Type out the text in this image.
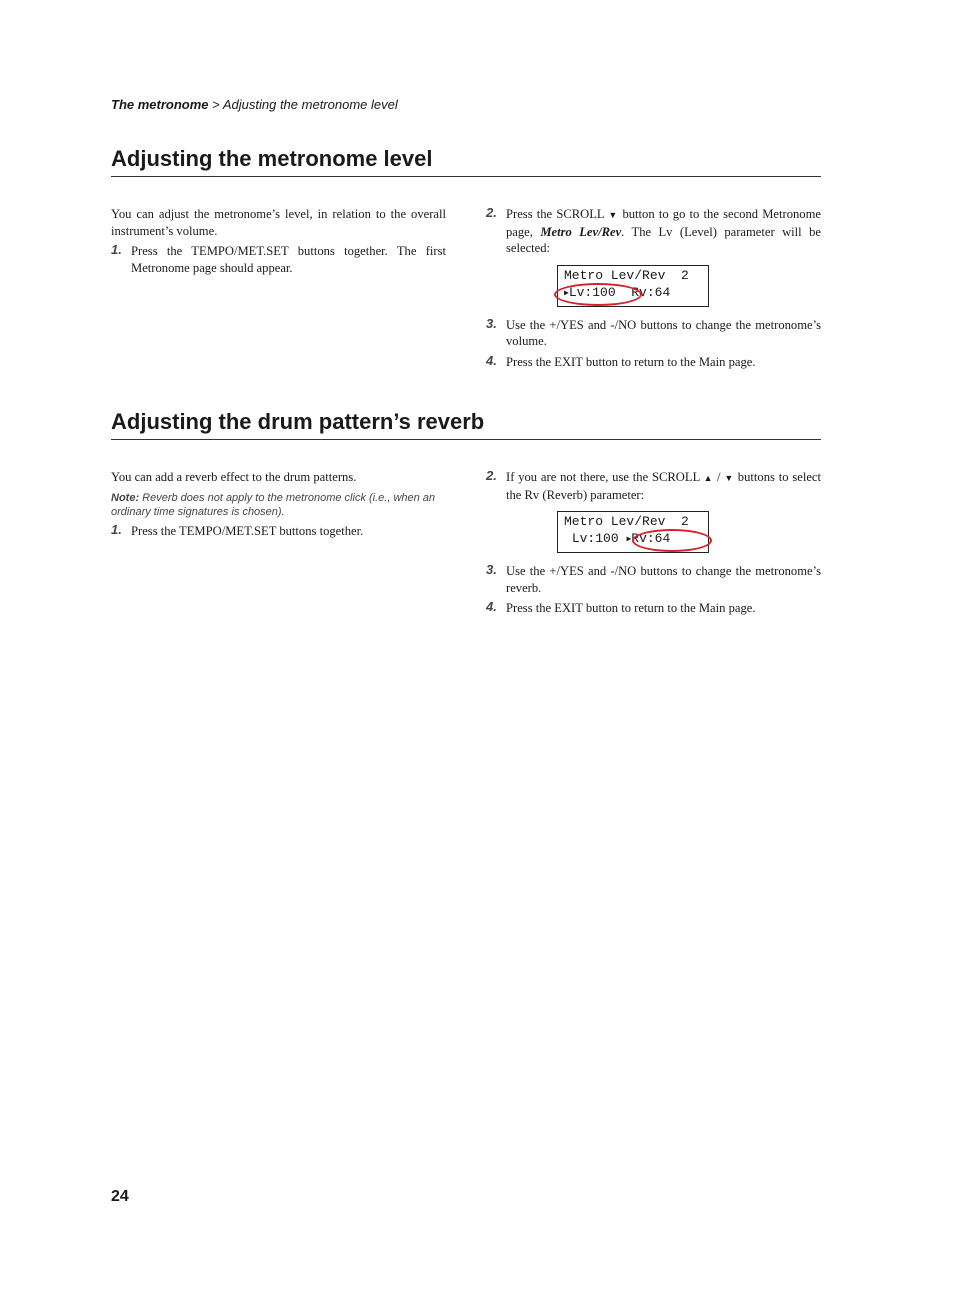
The metronome > Adjusting the metronome level
Adjusting the metronome level

You can adjust the metronome’s level, in relation to the overall instrument’s volume.

1. Press the TEMPO/MET.SET buttons together. The first Metronome page should appear.
2. Press the SCROLL ▼ button to go to the second Metronome page, Metro Lev/Rev. The Lv (Level) parameter will be selected:
Metro Lev/Rev  2
▶Lv:100 Rv:64
3. Use the +/YES and -/NO buttons to change the metronome’s volume.
4. Press the EXIT button to return to the Main page.
Adjusting the drum pattern’s reverb

You can add a reverb effect to the drum patterns.

Note: Reverb does not apply to the metronome click (i.e., when an ordinary time signatures is chosen).
1. Press the TEMPO/MET.SET buttons together.
2. If you are not there, use the SCROLL ▲ / ▼ buttons to select the Rv (Reverb) parameter:
Metro Lev/Rev  2
Lv:100 ▶Rv:64
3. Use the +/YES and -/NO buttons to change the metronome’s reverb.
4. Press the EXIT button to return to the Main page.
24
